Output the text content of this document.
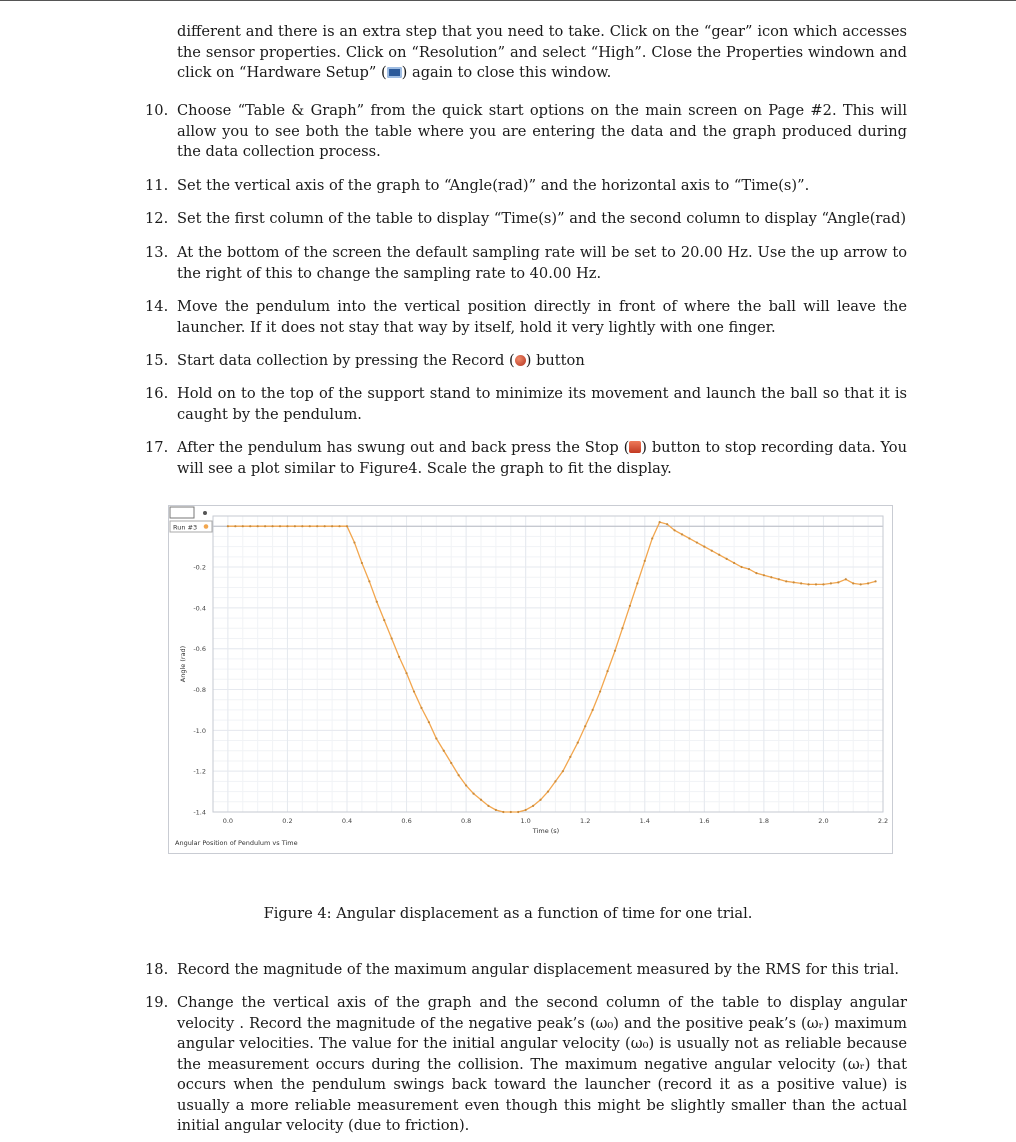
different and there is an extra step that you need to take. Click on the “gear” icon which accesses the sensor properties. Click on “Resolution” and select “High”. Close the Properties windown and click on “Hardware Setup” ( ) again to close this window.
10. Choose “Table & Graph” from the quick start options on the main screen on Page #2. This will allow you to see both the table where you are entering the data and the graph produced during the data collection process.
11. Set the vertical axis of the graph to “Angle(rad)” and the horizontal axis to “Time(s)”.
12. Set the first column of the table to display “Time(s)” and the second column to display “Angle(rad)
13. At the bottom of the screen the default sampling rate will be set to 20.00 Hz. Use the up arrow to the right of this to change the sampling rate to 40.00 Hz.
14. Move the pendulum into the vertical position directly in front of where the ball will leave the launcher. If it does not stay that way by itself, hold it very lightly with one finger.
15. Start data collection by pressing the Record ( ) button
16. Hold on to the top of the support stand to minimize its movement and launch the ball so that it is caught by the pendulum.
17. After the pendulum has swung out and back press the Stop ( ) button to stop recording data. You will see a plot similar to Figure4. Scale the graph to fit the display.
0.0	0.2	0.4	0.6	0.8	1.0	1.2	1.4	1.6	1.8	2.0	2.2
-0.2
-0.4
-0.6
-0.8
-1.0
-1.2
-1.4
Time (s)
Angle (rad)
Angular Position of Pendulum vs Time
Run #3
Figure 4: Angular displacement as a function of time for one trial.
18. Record the magnitude of the maximum angular displacement measured by the RMS for this trial.
19. Change the vertical axis of the graph and the second column of the table to display angular velocity . Record the magnitude of the negative peak’s (ω₀) and the positive peak’s (ωᵣ) maximum angular velocities. The value for the initial angular velocity (ω₀) is usually not as reliable because the measurement occurs during the collision. The maximum negative angular velocity (ωᵣ) that occurs when the pendulum swings back toward the launcher (record it as a positive value) is usually a more reliable measurement even though this might be slightly smaller than the actual initial angular velocity (due to friction).
